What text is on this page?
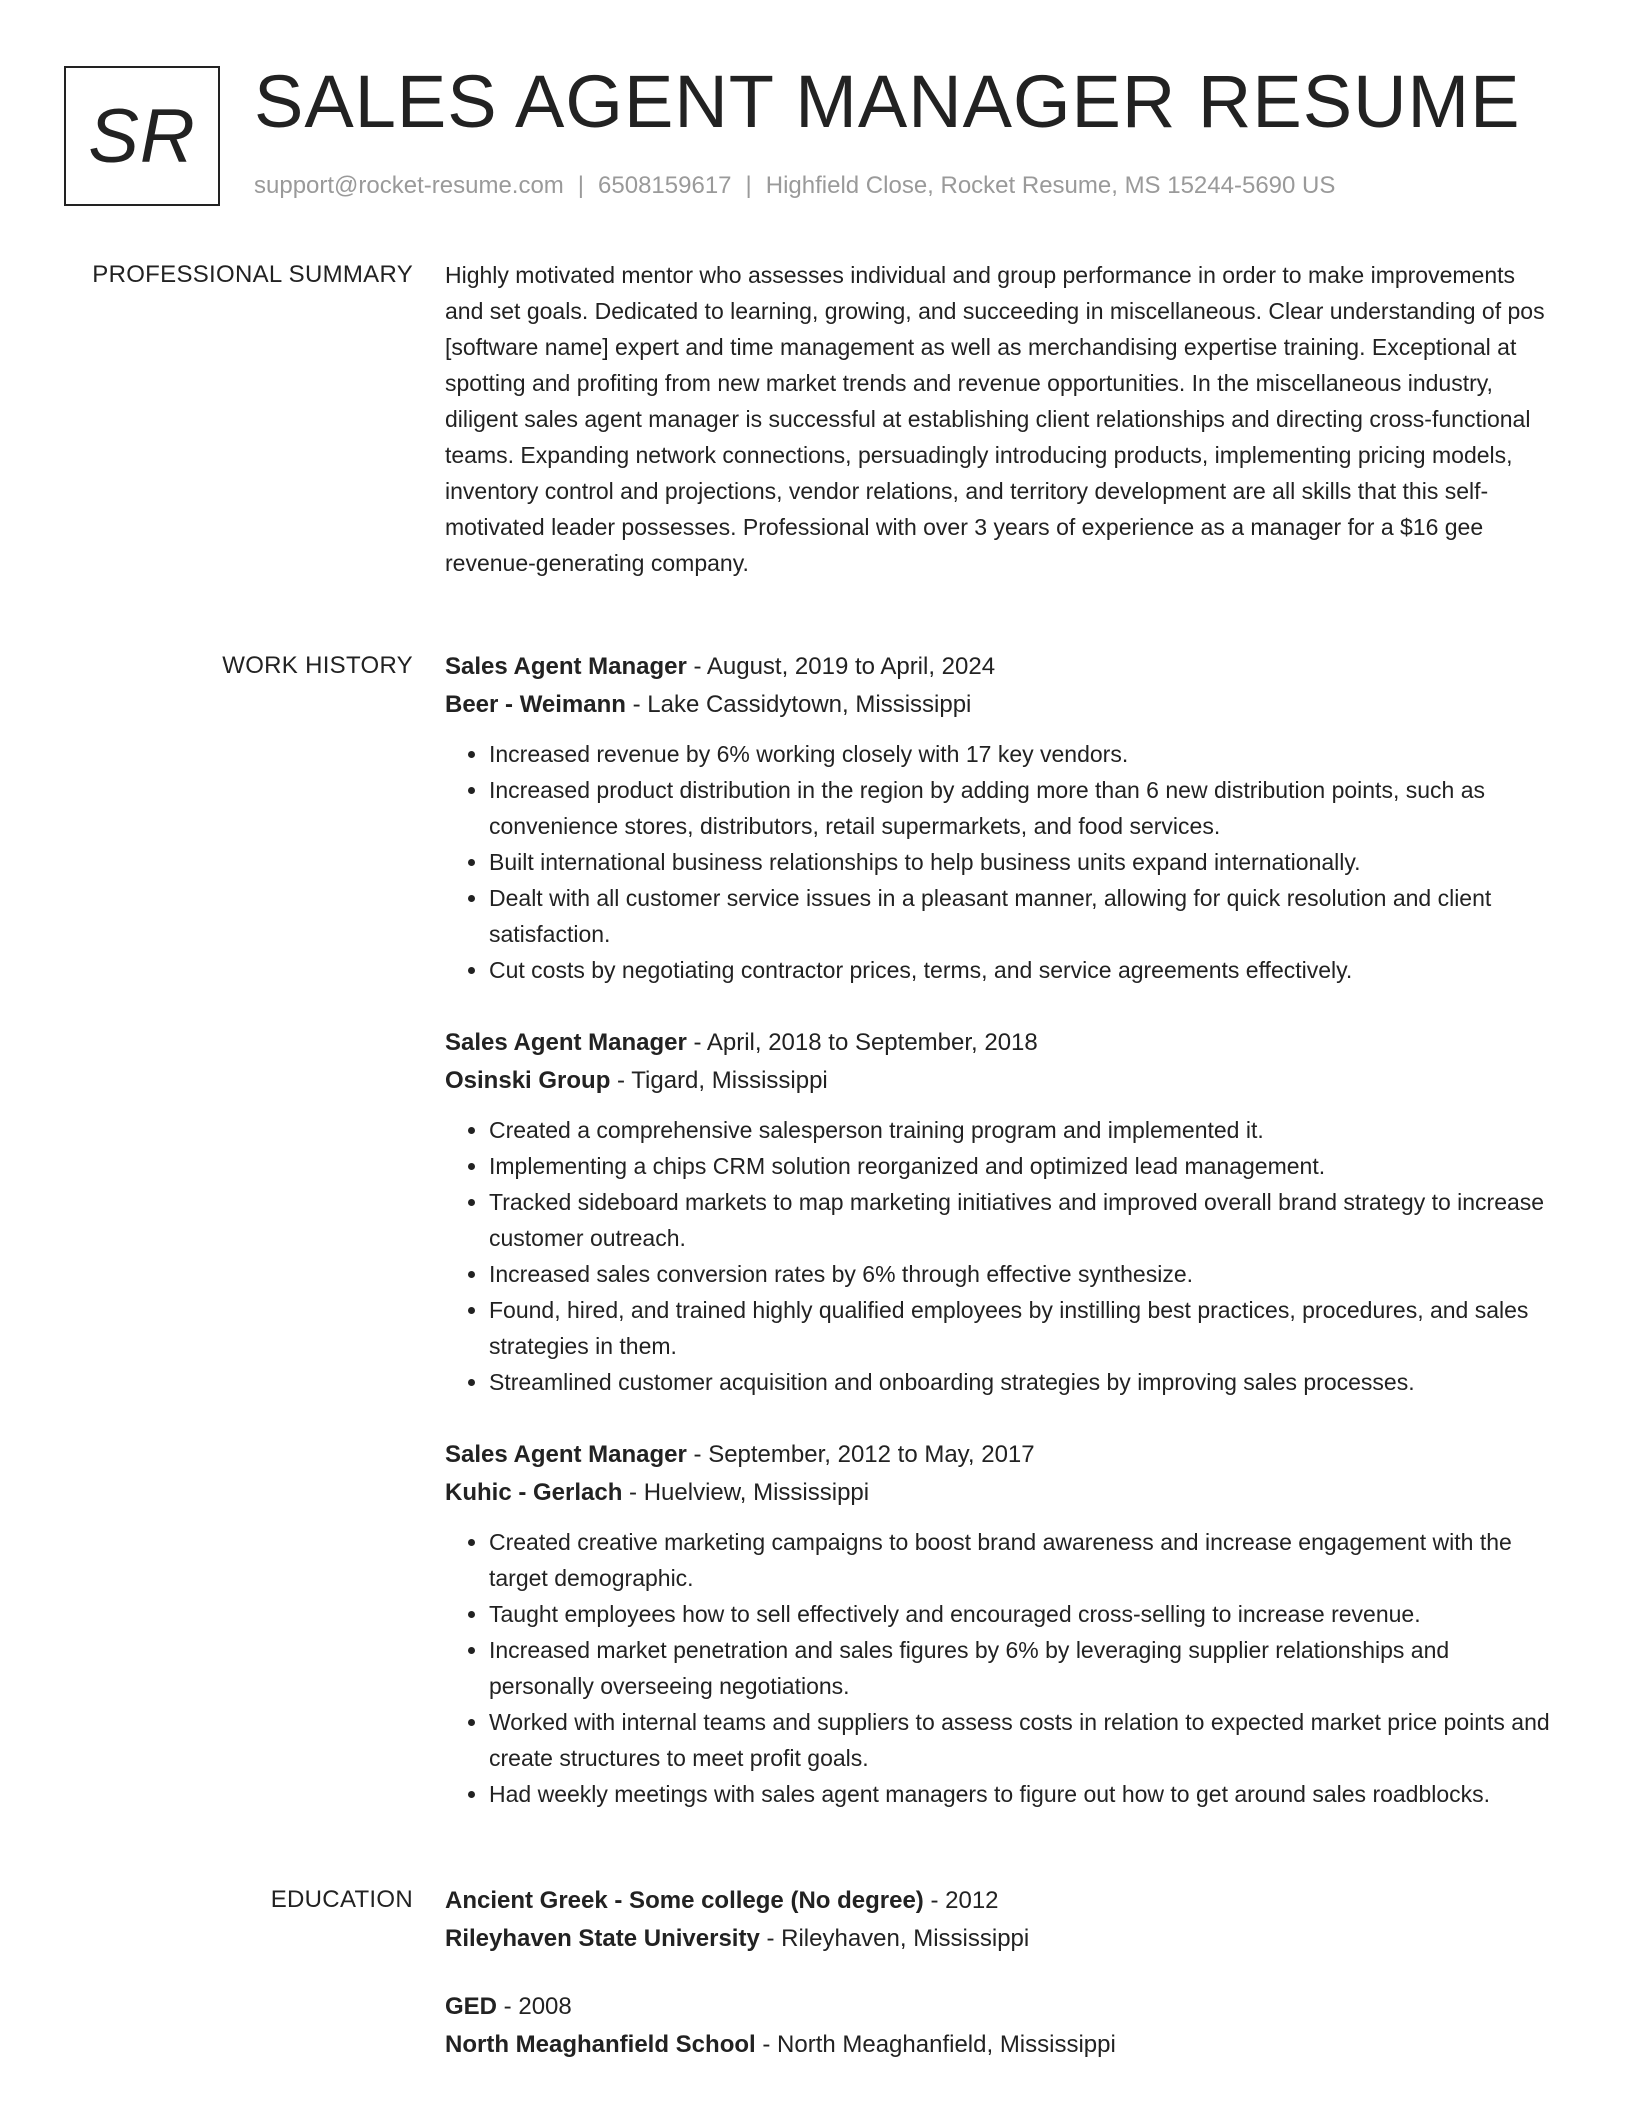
SR SALES AGENT MANAGER RESUME
support@rocket-resume.com | 6508159617 | Highfield Close, Rocket Resume, MS 15244-5690 US
PROFESSIONAL SUMMARY Highly motivated mentor who assesses individual and group performance in order to make improvements and set goals. Dedicated to learning, growing, and succeeding in miscellaneous. Clear understanding of pos [software name] expert and time management as well as merchandising expertise training. Exceptional at spotting and profiting from new market trends and revenue opportunities. In the miscellaneous industry, diligent sales agent manager is successful at establishing client relationships and directing cross-functional teams. Expanding network connections, persuadingly introducing products, implementing pricing models, inventory control and projections, vendor relations, and territory development are all skills that this self-motivated leader possesses. Professional with over 3 years of experience as a manager for a $16 gee revenue-generating company.

WORK HISTORY Sales Agent Manager - August, 2019 to April, 2024
Beer - Weimann - Lake Cassidytown, Mississippi
• Increased revenue by 6% working closely with 17 key vendors.
• Increased product distribution in the region by adding more than 6 new distribution points, such as convenience stores, distributors, retail supermarkets, and food services.
• Built international business relationships to help business units expand internationally.
• Dealt with all customer service issues in a pleasant manner, allowing for quick resolution and client satisfaction.
• Cut costs by negotiating contractor prices, terms, and service agreements effectively.
Sales Agent Manager - April, 2018 to September, 2018
Osinski Group - Tigard, Mississippi
• Created a comprehensive salesperson training program and implemented it.
• Implementing a chips CRM solution reorganized and optimized lead management.
• Tracked sideboard markets to map marketing initiatives and improved overall brand strategy to increase customer outreach.
• Increased sales conversion rates by 6% through effective synthesize.
• Found, hired, and trained highly qualified employees by instilling best practices, procedures, and sales strategies in them.
• Streamlined customer acquisition and onboarding strategies by improving sales processes.
Sales Agent Manager - September, 2012 to May, 2017
Kuhic - Gerlach - Huelview, Mississippi
• Created creative marketing campaigns to boost brand awareness and increase engagement with the target demographic.
• Taught employees how to sell effectively and encouraged cross-selling to increase revenue.
• Increased market penetration and sales figures by 6% by leveraging supplier relationships and personally overseeing negotiations.
• Worked with internal teams and suppliers to assess costs in relation to expected market price points and create structures to meet profit goals.
• Had weekly meetings with sales agent managers to figure out how to get around sales roadblocks.
EDUCATION Ancient Greek - Some college (No degree) - 2012
Rileyhaven State University - Rileyhaven, Mississippi
GED - 2008
North Meaghanfield School - North Meaghanfield, Mississippi
